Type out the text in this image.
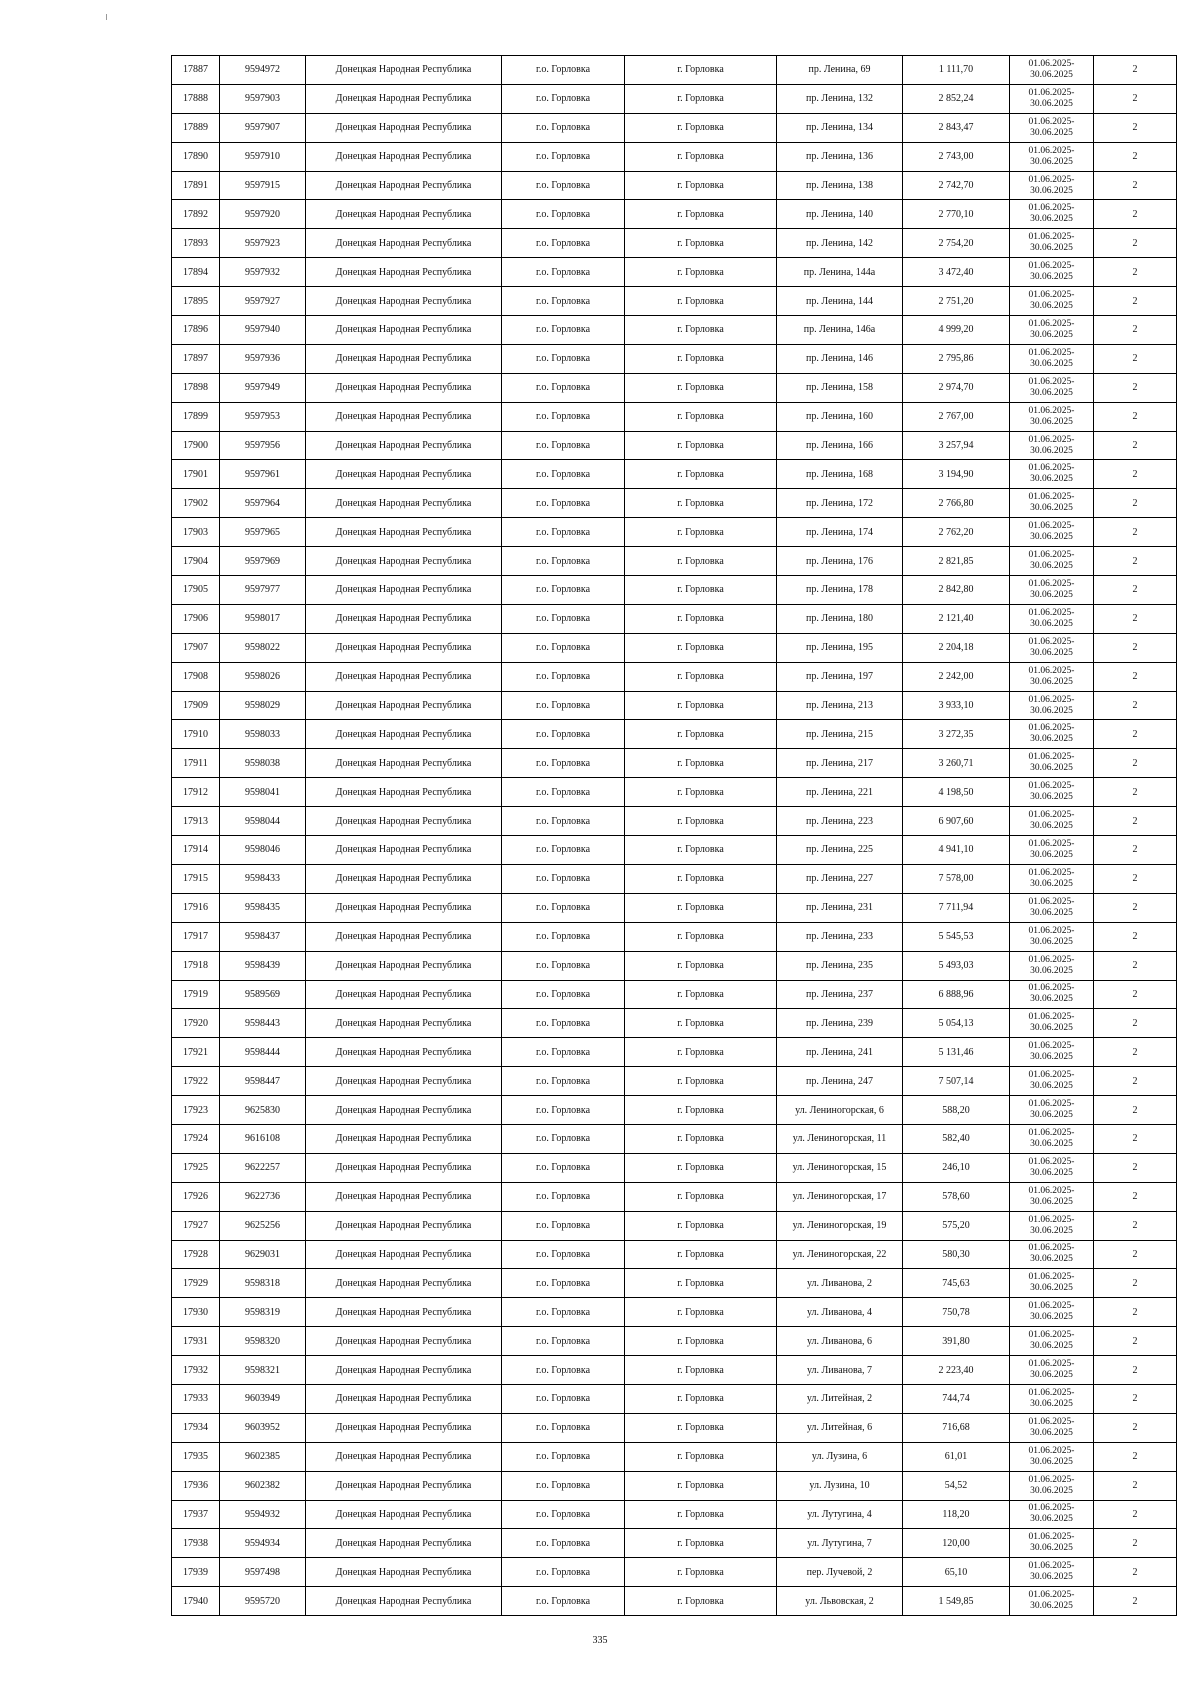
17887	9594972	Донецкая Народная Республика	г.о. Горловка	г. Горловка	пр. Ленина, 69	1 111,70	01.06.2025-
30.06.2025	2
17888	9597903	Донецкая Народная Республика	г.о. Горловка	г. Горловка	пр. Ленина, 132	2 852,24	01.06.2025-
30.06.2025	2
17889	9597907	Донецкая Народная Республика	г.о. Горловка	г. Горловка	пр. Ленина, 134	2 843,47	01.06.2025-
30.06.2025	2
17890	9597910	Донецкая Народная Республика	г.о. Горловка	г. Горловка	пр. Ленина, 136	2 743,00	01.06.2025-
30.06.2025	2
17891	9597915	Донецкая Народная Республика	г.о. Горловка	г. Горловка	пр. Ленина, 138	2 742,70	01.06.2025-
30.06.2025	2
17892	9597920	Донецкая Народная Республика	г.о. Горловка	г. Горловка	пр. Ленина, 140	2 770,10	01.06.2025-
30.06.2025	2
17893	9597923	Донецкая Народная Республика	г.о. Горловка	г. Горловка	пр. Ленина, 142	2 754,20	01.06.2025-
30.06.2025	2
17894	9597932	Донецкая Народная Республика	г.о. Горловка	г. Горловка	пр. Ленина, 144а	3 472,40	01.06.2025-
30.06.2025	2
17895	9597927	Донецкая Народная Республика	г.о. Горловка	г. Горловка	пр. Ленина, 144	2 751,20	01.06.2025-
30.06.2025	2
17896	9597940	Донецкая Народная Республика	г.о. Горловка	г. Горловка	пр. Ленина, 146а	4 999,20	01.06.2025-
30.06.2025	2
17897	9597936	Донецкая Народная Республика	г.о. Горловка	г. Горловка	пр. Ленина, 146	2 795,86	01.06.2025-
30.06.2025	2
17898	9597949	Донецкая Народная Республика	г.о. Горловка	г. Горловка	пр. Ленина, 158	2 974,70	01.06.2025-
30.06.2025	2
17899	9597953	Донецкая Народная Республика	г.о. Горловка	г. Горловка	пр. Ленина, 160	2 767,00	01.06.2025-
30.06.2025	2
17900	9597956	Донецкая Народная Республика	г.о. Горловка	г. Горловка	пр. Ленина, 166	3 257,94	01.06.2025-
30.06.2025	2
17901	9597961	Донецкая Народная Республика	г.о. Горловка	г. Горловка	пр. Ленина, 168	3 194,90	01.06.2025-
30.06.2025	2
17902	9597964	Донецкая Народная Республика	г.о. Горловка	г. Горловка	пр. Ленина, 172	2 766,80	01.06.2025-
30.06.2025	2
17903	9597965	Донецкая Народная Республика	г.о. Горловка	г. Горловка	пр. Ленина, 174	2 762,20	01.06.2025-
30.06.2025	2
17904	9597969	Донецкая Народная Республика	г.о. Горловка	г. Горловка	пр. Ленина, 176	2 821,85	01.06.2025-
30.06.2025	2
17905	9597977	Донецкая Народная Республика	г.о. Горловка	г. Горловка	пр. Ленина, 178	2 842,80	01.06.2025-
30.06.2025	2
17906	9598017	Донецкая Народная Республика	г.о. Горловка	г. Горловка	пр. Ленина, 180	2 121,40	01.06.2025-
30.06.2025	2
17907	9598022	Донецкая Народная Республика	г.о. Горловка	г. Горловка	пр. Ленина, 195	2 204,18	01.06.2025-
30.06.2025	2
17908	9598026	Донецкая Народная Республика	г.о. Горловка	г. Горловка	пр. Ленина, 197	2 242,00	01.06.2025-
30.06.2025	2
17909	9598029	Донецкая Народная Республика	г.о. Горловка	г. Горловка	пр. Ленина, 213	3 933,10	01.06.2025-
30.06.2025	2
17910	9598033	Донецкая Народная Республика	г.о. Горловка	г. Горловка	пр. Ленина, 215	3 272,35	01.06.2025-
30.06.2025	2
17911	9598038	Донецкая Народная Республика	г.о. Горловка	г. Горловка	пр. Ленина, 217	3 260,71	01.06.2025-
30.06.2025	2
17912	9598041	Донецкая Народная Республика	г.о. Горловка	г. Горловка	пр. Ленина, 221	4 198,50	01.06.2025-
30.06.2025	2
17913	9598044	Донецкая Народная Республика	г.о. Горловка	г. Горловка	пр. Ленина, 223	6 907,60	01.06.2025-
30.06.2025	2
17914	9598046	Донецкая Народная Республика	г.о. Горловка	г. Горловка	пр. Ленина, 225	4 941,10	01.06.2025-
30.06.2025	2
17915	9598433	Донецкая Народная Республика	г.о. Горловка	г. Горловка	пр. Ленина, 227	7 578,00	01.06.2025-
30.06.2025	2
17916	9598435	Донецкая Народная Республика	г.о. Горловка	г. Горловка	пр. Ленина, 231	7 711,94	01.06.2025-
30.06.2025	2
17917	9598437	Донецкая Народная Республика	г.о. Горловка	г. Горловка	пр. Ленина, 233	5 545,53	01.06.2025-
30.06.2025	2
17918	9598439	Донецкая Народная Республика	г.о. Горловка	г. Горловка	пр. Ленина, 235	5 493,03	01.06.2025-
30.06.2025	2
17919	9589569	Донецкая Народная Республика	г.о. Горловка	г. Горловка	пр. Ленина, 237	6 888,96	01.06.2025-
30.06.2025	2
17920	9598443	Донецкая Народная Республика	г.о. Горловка	г. Горловка	пр. Ленина, 239	5 054,13	01.06.2025-
30.06.2025	2
17921	9598444	Донецкая Народная Республика	г.о. Горловка	г. Горловка	пр. Ленина, 241	5 131,46	01.06.2025-
30.06.2025	2
17922	9598447	Донецкая Народная Республика	г.о. Горловка	г. Горловка	пр. Ленина, 247	7 507,14	01.06.2025-
30.06.2025	2
17923	9625830	Донецкая Народная Республика	г.о. Горловка	г. Горловка	ул. Лениногорская, 6	588,20	01.06.2025-
30.06.2025	2
17924	9616108	Донецкая Народная Республика	г.о. Горловка	г. Горловка	ул. Лениногорская, 11	582,40	01.06.2025-
30.06.2025	2
17925	9622257	Донецкая Народная Республика	г.о. Горловка	г. Горловка	ул. Лениногорская, 15	246,10	01.06.2025-
30.06.2025	2
17926	9622736	Донецкая Народная Республика	г.о. Горловка	г. Горловка	ул. Лениногорская, 17	578,60	01.06.2025-
30.06.2025	2
17927	9625256	Донецкая Народная Республика	г.о. Горловка	г. Горловка	ул. Лениногорская, 19	575,20	01.06.2025-
30.06.2025	2
17928	9629031	Донецкая Народная Республика	г.о. Горловка	г. Горловка	ул. Лениногорская, 22	580,30	01.06.2025-
30.06.2025	2
17929	9598318	Донецкая Народная Республика	г.о. Горловка	г. Горловка	ул. Ливанова, 2	745,63	01.06.2025-
30.06.2025	2
17930	9598319	Донецкая Народная Республика	г.о. Горловка	г. Горловка	ул. Ливанова, 4	750,78	01.06.2025-
30.06.2025	2
17931	9598320	Донецкая Народная Республика	г.о. Горловка	г. Горловка	ул. Ливанова, 6	391,80	01.06.2025-
30.06.2025	2
17932	9598321	Донецкая Народная Республика	г.о. Горловка	г. Горловка	ул. Ливанова, 7	2 223,40	01.06.2025-
30.06.2025	2
17933	9603949	Донецкая Народная Республика	г.о. Горловка	г. Горловка	ул. Литейная, 2	744,74	01.06.2025-
30.06.2025	2
17934	9603952	Донецкая Народная Республика	г.о. Горловка	г. Горловка	ул. Литейная, 6	716,68	01.06.2025-
30.06.2025	2
17935	9602385	Донецкая Народная Республика	г.о. Горловка	г. Горловка	ул. Лузина, 6	61,01	01.06.2025-
30.06.2025	2
17936	9602382	Донецкая Народная Республика	г.о. Горловка	г. Горловка	ул. Лузина, 10	54,52	01.06.2025-
30.06.2025	2
17937	9594932	Донецкая Народная Республика	г.о. Горловка	г. Горловка	ул. Лутугина, 4	118,20	01.06.2025-
30.06.2025	2
17938	9594934	Донецкая Народная Республика	г.о. Горловка	г. Горловка	ул. Лутугина, 7	120,00	01.06.2025-
30.06.2025	2
17939	9597498	Донецкая Народная Республика	г.о. Горловка	г. Горловка	пер. Лучевой, 2	65,10	01.06.2025-
30.06.2025	2
17940	9595720	Донецкая Народная Республика	г.о. Горловка	г. Горловка	ул. Львовская, 2	1 549,85	01.06.2025-
30.06.2025	2
335
